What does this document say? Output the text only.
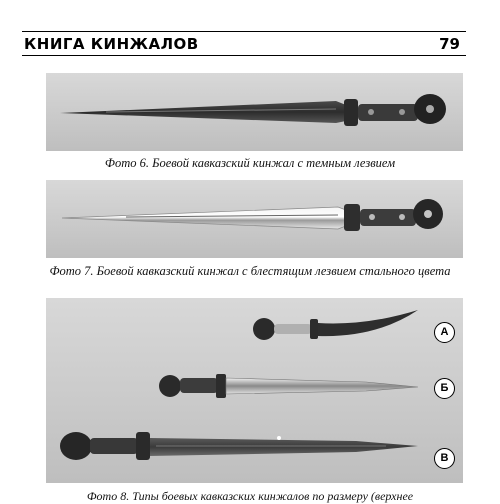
КНИГА КИНЖАЛОВ	79
Фото 6. Боевой кавказский кинжал с темным лезвием
Фото 7. Боевой кавказский кинжал с блестящим лезвием стального цвета
А
Б
В
Фото 8. Типы боевых кавказских кинжалов по размеру (верхнее
